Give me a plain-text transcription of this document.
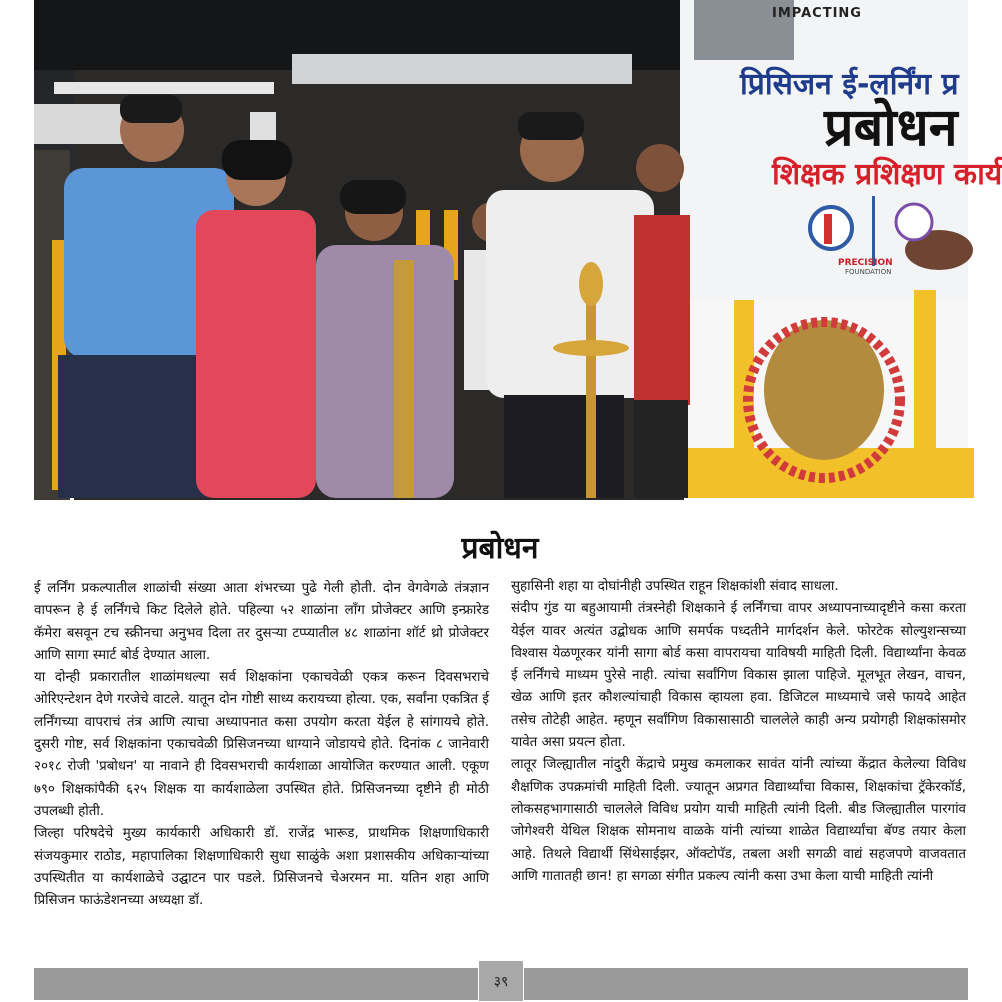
IMPACTING
प्रिसिजन ई-लर्निंग प्र
प्रबोधन
शिक्षक प्रशिक्षण कार्य
PRECISION
FOUNDATION
प्रबोधन

ई लर्निंग प्रकल्पातील शाळांची संख्या आता शंभरच्या पुढे गेली होती. दोन वेगवेगळे तंत्रज्ञान वापरून हे ई लर्निंगचे किट दिलेले होते. पहिल्या ५२ शाळांना लॉंग प्रोजेक्टर आणि इन्फ्रारेड कॅमेरा बसवून टच स्क्रीनचा अनुभव दिला तर दुसऱ्या टप्प्यातील ४८ शाळांना शॉर्ट थ्रो प्रोजेक्टर आणि सागा स्मार्ट बोर्ड देण्यात आला.

या दोन्ही प्रकारातील शाळांमधल्या सर्व शिक्षकांना एकाचवेळी एकत्र करून दिवसभराचे ओरिएन्टेशन देणे गरजेचे वाटले. यातून दोन गोष्टी साध्य करायच्या होत्या. एक, सर्वांना एकत्रित ई लर्निंगच्या वापराचं तंत्र आणि त्याचा अध्यापनात कसा उपयोग करता येईल हे सांगायचे होते. दुसरी गोष्ट, सर्व शिक्षकांना एकाचवेळी प्रिसिजनच्या धाग्याने जोडायचे होते. दिनांक ८ जानेवारी २०१८ रोजी 'प्रबोधन' या नावाने ही दिवसभराची कार्यशाळा आयोजित करण्यात आली. एकूण ७९० शिक्षकांपैकी ६२५ शिक्षक या कार्यशाळेला उपस्थित होते. प्रिसिजनच्या दृष्टीने ही मोठी उपलब्धी होती.

जिल्हा परिषदेचे मुख्य कार्यकारी अधिकारी डॉ. राजेंद्र भारूड, प्राथमिक शिक्षणाधिकारी संजयकुमार राठोड, महापालिका शिक्षणाधिकारी सुधा साळुंके अशा प्रशासकीय अधिकाऱ्यांच्या उपस्थितीत या कार्यशाळेचे उद्घाटन पार पडले. प्रिसिजनचे चेअरमन मा. यतिन शहा आणि प्रिसिजन फाऊंडेशनच्या अध्यक्षा डॉ.

सुहासिनी शहा या दोघांनीही उपस्थित राहून शिक्षकांशी संवाद साधला.

संदीप गुंड या बहुआयामी तंत्रस्नेही शिक्षकाने ई लर्निंगचा वापर अध्यापनाच्यादृष्टीने कसा करता येईल यावर अत्यंत उद्बोधक आणि समर्पक पध्दतीने मार्गदर्शन केले. फोरटेक सोल्युशन्सच्या विश्वास येळणूरकर यांनी सागा बोर्ड कसा वापरायचा याविषयी माहिती दिली. विद्यार्थ्यांना केवळ ई लर्निंगचे माध्यम पुरेसे नाही. त्यांचा सर्वांगिण विकास झाला पाहिजे. मूलभूत लेखन, वाचन, खेळ आणि इतर कौशल्यांचाही विकास व्हायला हवा. डिजिटल माध्यमाचे जसे फायदे आहेत तसेच तोटेही आहेत. म्हणून सर्वांगिण विकासासाठी चाललेले काही अन्य प्रयोगही शिक्षकांसमोर यावेत असा प्रयत्न होता.

लातूर जिल्ह्यातील नांदुरी केंद्राचे प्रमुख कमलाकर सावंत यांनी त्यांच्या केंद्रात केलेल्या विविध शैक्षणिक उपक्रमांची माहिती दिली. ज्यातून अप्रगत विद्यार्थ्यांचा विकास, शिक्षकांचा ट्रॅकेरकॉर्ड, लोकसहभागासाठी चाललेले विविध प्रयोग याची माहिती त्यांनी दिली. बीड जिल्ह्यातील पारगांव जोगेश्वरी येथिल शिक्षक सोमनाथ वाळके यांनी त्यांच्या शाळेत विद्यार्थ्यांचा बॅण्ड तयार केला आहे. तिथले विद्यार्थी सिंथेसाईझर, ऑक्टोपॅड, तबला अशी सगळी वाद्यं सहजपणे वाजवतात आणि गातातही छान! हा सगळा संगीत प्रकल्प त्यांनी कसा उभा केला याची माहिती त्यांनी

३९
